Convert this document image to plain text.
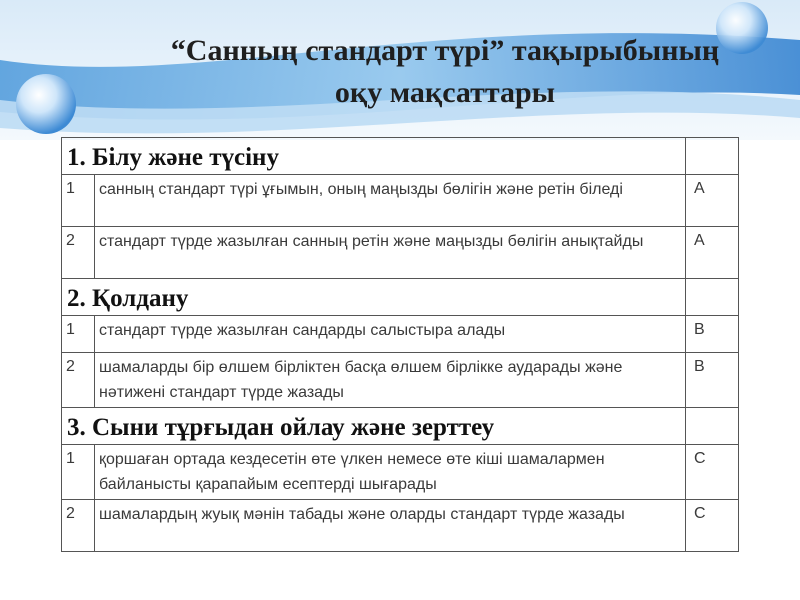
“Санның стандарт түрі” тақырыбының
оқу мақсаттары
1. Білу және түсіну		
1	санның стандарт түрі ұғымын, оның маңызды бөлігін және ретін біледі	A
2	стандарт түрде жазылған санның ретін және маңызды бөлігін анықтайды	A
2. Қолдану		
1	стандарт түрде жазылған сандарды салыстыра алады	B
2	шамаларды бір өлшем бірліктен басқа өлшем бірлікке аударады және нәтижені стандарт түрде жазады	B
3. Сыни тұрғыдан ойлау және зерттеу		
1	қоршаған ортада кездесетін өте үлкен немесе өте кіші шамалармен байланысты қарапайым есептерді шығарады	C
2	шамалардың жуық мәнін табады және оларды стандарт түрде жазады	C
